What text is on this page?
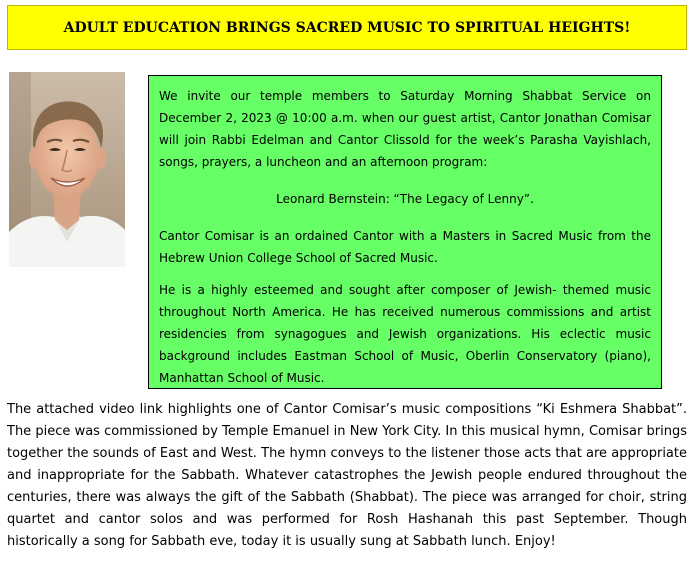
ADULT EDUCATION BRINGS SACRED MUSIC TO SPIRITUAL HEIGHTS!

We invite our temple members to Saturday Morning Shabbat Service on December 2, 2023 @ 10:00 a.m. when our guest artist, Cantor Jonathan Comisar will join Rabbi Edelman and Cantor Clissold for the week’s Parasha Vayishlach, songs, prayers, a luncheon and an afternoon program:

Leonard Bernstein: “The Legacy of Lenny”.

Cantor Comisar is an ordained Cantor with a Masters in Sacred Music from the Hebrew Union College School of Sacred Music.

He is a highly esteemed and sought after composer of Jewish- themed music throughout North America. He has received numerous commissions and artist residencies from synagogues and Jewish organizations. His eclectic music background includes Eastman School of Music, Oberlin Conservatory (piano), Manhattan School of Music.

The attached video link highlights one of Cantor Comisar’s music compositions “Ki Eshmera Shabbat”. The piece was commissioned by Temple Emanuel in New York City. In this musical hymn, Comisar brings together the sounds of East and West. The hymn conveys to the listener those acts that are appropriate and inappropriate for the Sabbath. Whatever catastrophes the Jewish people endured throughout the centuries, there was always the gift of the Sabbath (Shabbat). The piece was arranged for choir, string quartet and cantor solos and was performed for Rosh Hashanah this past September. Though historically a song for Sabbath eve, today it is usually sung at Sabbath lunch. Enjoy!
